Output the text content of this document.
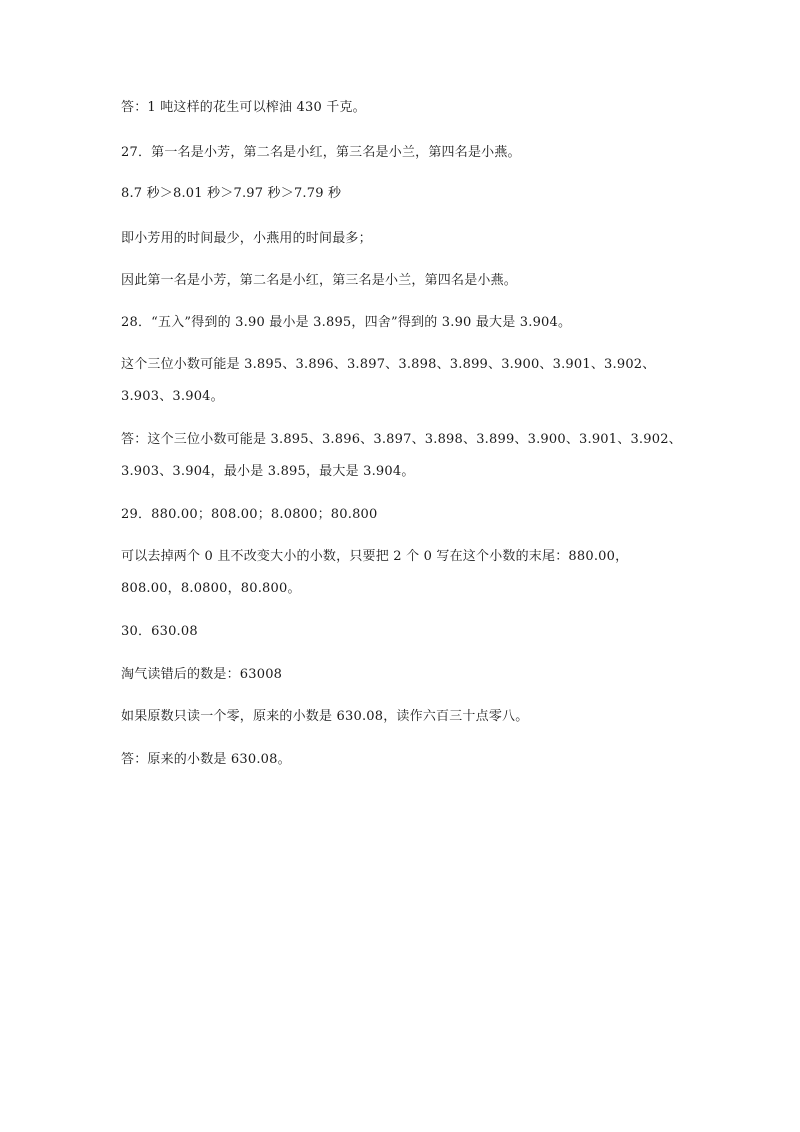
答：1 吨这样的花生可以榨油 430 千克。

27．第一名是小芳，第二名是小红，第三名是小兰，第四名是小燕。

8.7 秒＞8.01 秒＞7.97 秒＞7.79 秒

即小芳用的时间最少，小燕用的时间最多；

因此第一名是小芳，第二名是小红，第三名是小兰，第四名是小燕。

28．“五入”得到的 3.90 最小是 3.895，四舍”得到的 3.90 最大是 3.904。

这个三位小数可能是 3.895、3.896、3.897、3.898、3.899、3.900、3.901、3.902、

3.903、3.904。

答：这个三位小数可能是 3.895、3.896、3.897、3.898、3.899、3.900、3.901、3.902、

3.903、3.904，最小是 3.895，最大是 3.904。

29．880.00；808.00；8.0800；80.800

可以去掉两个 0 且不改变大小的小数，只要把 2 个 0 写在这个小数的末尾：880.00，

808.00，8.0800，80.800。

30．630.08

淘气读错后的数是：63008

如果原数只读一个零，原来的小数是 630.08，读作六百三十点零八。

答：原来的小数是 630.08。
